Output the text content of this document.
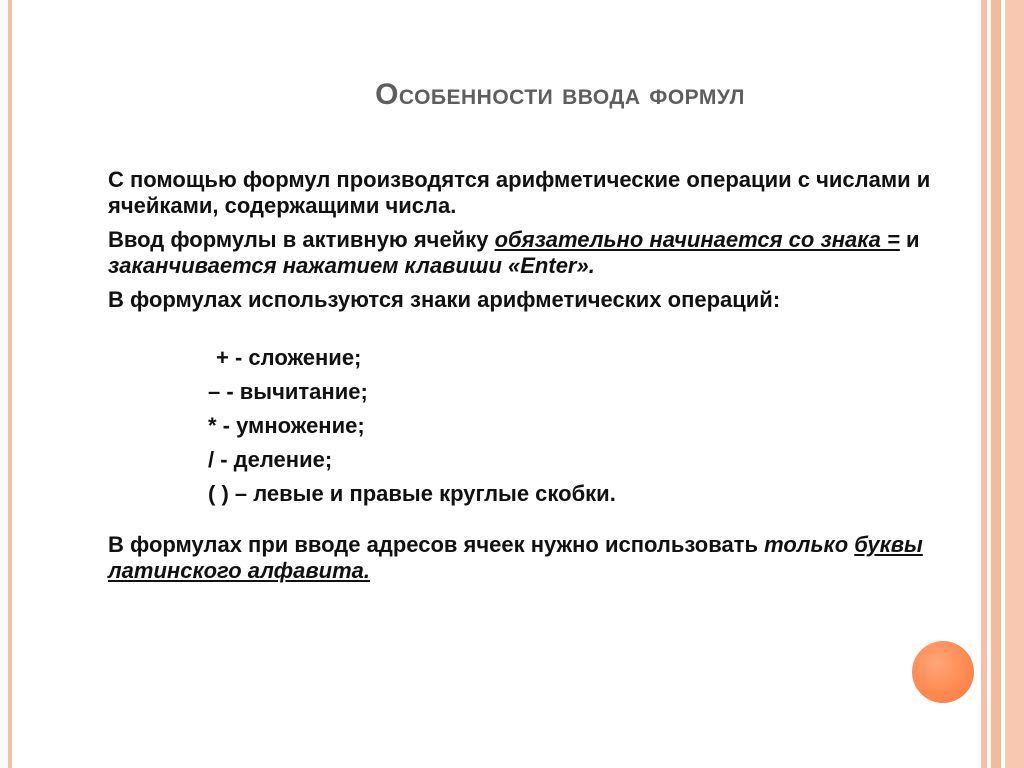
Особенности ввода формул

С помощью формул производятся арифметические операции с числами и ячейками, содержащими числа.

Ввод формулы в активную ячейку обязательно начинается со знака = и заканчивается нажатием клавиши «Enter».

В формулах используются знаки арифметических операций:

+ - сложение;
– - вычитание;
* - умножение;
/ - деление;
( ) – левые и правые круглые скобки.
В формулах при вводе адресов ячеек нужно использовать только буквы латинского алфавита.
